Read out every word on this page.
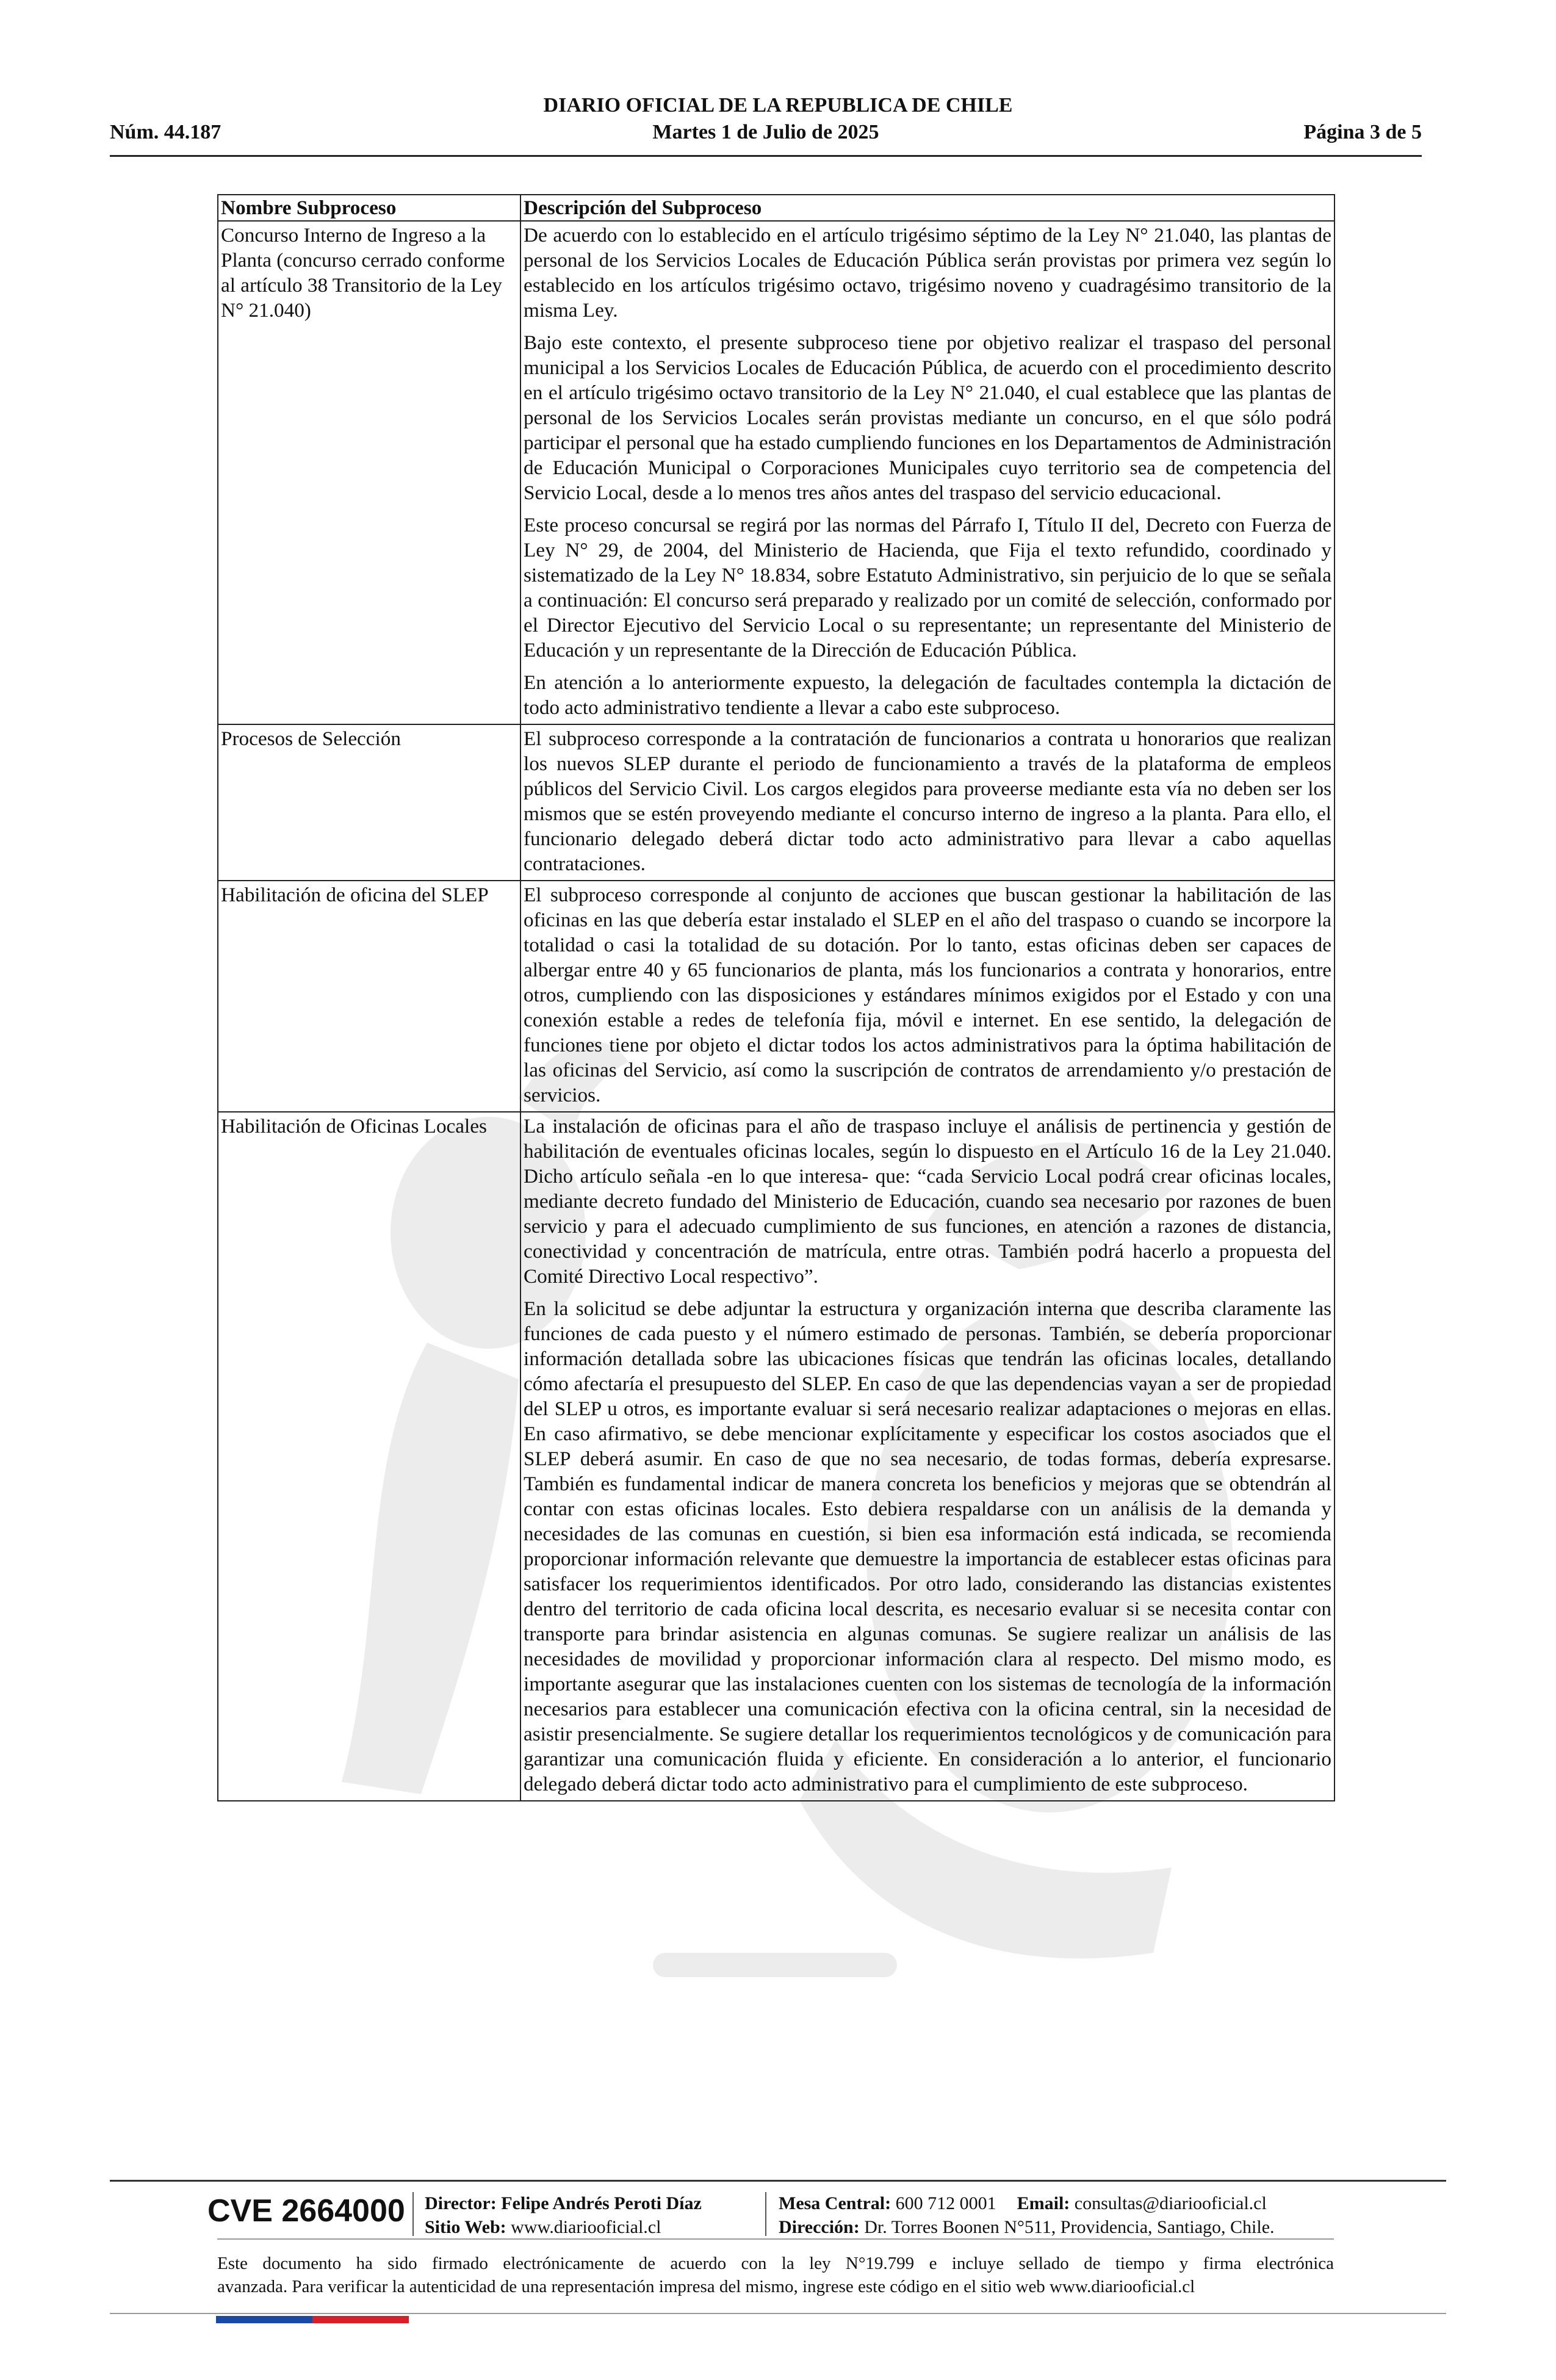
DIARIO OFICIAL DE LA REPUBLICA DE CHILE
Núm. 44.187	Martes 1 de Julio de 2025	Página 3 de 5
Nombre Subproceso	Descripción del Subproceso
Concurso Interno de Ingreso a la Planta (concurso cerrado conforme al artículo 38 Transitorio de la Ley N° 21.040)	De acuerdo con lo establecido en el artículo trigésimo séptimo de la Ley N° 21.040, las plantas de personal de los Servicios Locales de Educación Pública serán provistas por primera vez según lo establecido en los artículos trigésimo octavo, trigésimo noveno y cuadragésimo transitorio de la misma Ley.

Bajo este contexto, el presente subproceso tiene por objetivo realizar el traspaso del personal municipal a los Servicios Locales de Educación Pública, de acuerdo con el procedimiento descrito en el artículo trigésimo octavo transitorio de la Ley N° 21.040, el cual establece que las plantas de personal de los Servicios Locales serán provistas mediante un concurso, en el que sólo podrá participar el personal que ha estado cumpliendo funciones en los Departamentos de Administración de Educación Municipal o Corporaciones Municipales cuyo territorio sea de competencia del Servicio Local, desde a lo menos tres años antes del traspaso del servicio educacional.

Este proceso concursal se regirá por las normas del Párrafo I, Título II del, Decreto con Fuerza de Ley N° 29, de 2004, del Ministerio de Hacienda, que Fija el texto refundido, coordinado y sistematizado de la Ley N° 18.834, sobre Estatuto Administrativo, sin perjuicio de lo que se señala a continuación: El concurso será preparado y realizado por un comité de selección, conformado por el Director Ejecutivo del Servicio Local o su representante; un representante del Ministerio de Educación y un representante de la Dirección de Educación Pública.

En atención a lo anteriormente expuesto, la delegación de facultades contempla la dictación de todo acto administrativo tendiente a llevar a cabo este subproceso.

Procesos de Selección	El subproceso corresponde a la contratación de funcionarios a contrata u honorarios que realizan los nuevos SLEP durante el periodo de funcionamiento a través de la plataforma de empleos públicos del Servicio Civil. Los cargos elegidos para proveerse mediante esta vía no deben ser los mismos que se estén proveyendo mediante el concurso interno de ingreso a la planta. Para ello, el funcionario delegado deberá dictar todo acto administrativo para llevar a cabo aquellas contrataciones.

Habilitación de oficina del SLEP	El subproceso corresponde al conjunto de acciones que buscan gestionar la habilitación de las oficinas en las que debería estar instalado el SLEP en el año del traspaso o cuando se incorpore la totalidad o casi la totalidad de su dotación. Por lo tanto, estas oficinas deben ser capaces de albergar entre 40 y 65 funcionarios de planta, más los funcionarios a contrata y honorarios, entre otros, cumpliendo con las disposiciones y estándares mínimos exigidos por el Estado y con una conexión estable a redes de telefonía fija, móvil e internet. En ese sentido, la delegación de funciones tiene por objeto el dictar todos los actos administrativos para la óptima habilitación de las oficinas del Servicio, así como la suscripción de contratos de arrendamiento y/o prestación de servicios.

Habilitación de Oficinas Locales	La instalación de oficinas para el año de traspaso incluye el análisis de pertinencia y gestión de habilitación de eventuales oficinas locales, según lo dispuesto en el Artículo 16 de la Ley 21.040. Dicho artículo señala -en lo que interesa- que: “cada Servicio Local podrá crear oficinas locales, mediante decreto fundado del Ministerio de Educación, cuando sea necesario por razones de buen servicio y para el adecuado cumplimiento de sus funciones, en atención a razones de distancia, conectividad y concentración de matrícula, entre otras. También podrá hacerlo a propuesta del Comité Directivo Local respectivo”.

En la solicitud se debe adjuntar la estructura y organización interna que describa claramente las funciones de cada puesto y el número estimado de personas. También, se debería proporcionar información detallada sobre las ubicaciones físicas que tendrán las oficinas locales, detallando cómo afectaría el presupuesto del SLEP. En caso de que las dependencias vayan a ser de propiedad del SLEP u otros, es importante evaluar si será necesario realizar adaptaciones o mejoras en ellas. En caso afirmativo, se debe mencionar explícitamente y especificar los costos asociados que el SLEP deberá asumir. En caso de que no sea necesario, de todas formas, debería expresarse. También es fundamental indicar de manera concreta los beneficios y mejoras que se obtendrán al contar con estas oficinas locales. Esto debiera respaldarse con un análisis de la demanda y necesidades de las comunas en cuestión, si bien esa información está indicada, se recomienda proporcionar información relevante que demuestre la importancia de establecer estas oficinas para satisfacer los requerimientos identificados. Por otro lado, considerando las distancias existentes dentro del territorio de cada oficina local descrita, es necesario evaluar si se necesita contar con transporte para brindar asistencia en algunas comunas. Se sugiere realizar un análisis de las necesidades de movilidad y proporcionar información clara al respecto. Del mismo modo, es importante asegurar que las instalaciones cuenten con los sistemas de tecnología de la información necesarios para establecer una comunicación efectiva con la oficina central, sin la necesidad de asistir presencialmente. Se sugiere detallar los requerimientos tecnológicos y de comunicación para garantizar una comunicación fluida y eficiente. En consideración a lo anterior, el funcionario delegado deberá dictar todo acto administrativo para el cumplimiento de este subproceso.

CVE 2664000 Director: Felipe Andrés Peroti Díaz
Sitio Web: www.diariooficial.cl
Mesa Central: 600 712 0001 Email: consultas@diariooficial.cl
Dirección: Dr. Torres Boonen N°511, Providencia, Santiago, Chile.
Este documento ha sido firmado electrónicamente de acuerdo con la ley N°19.799 e incluye sellado de tiempo y firma electrónica
avanzada. Para verificar la autenticidad de una representación impresa del mismo, ingrese este código en el sitio web www.diariooficial.cl
